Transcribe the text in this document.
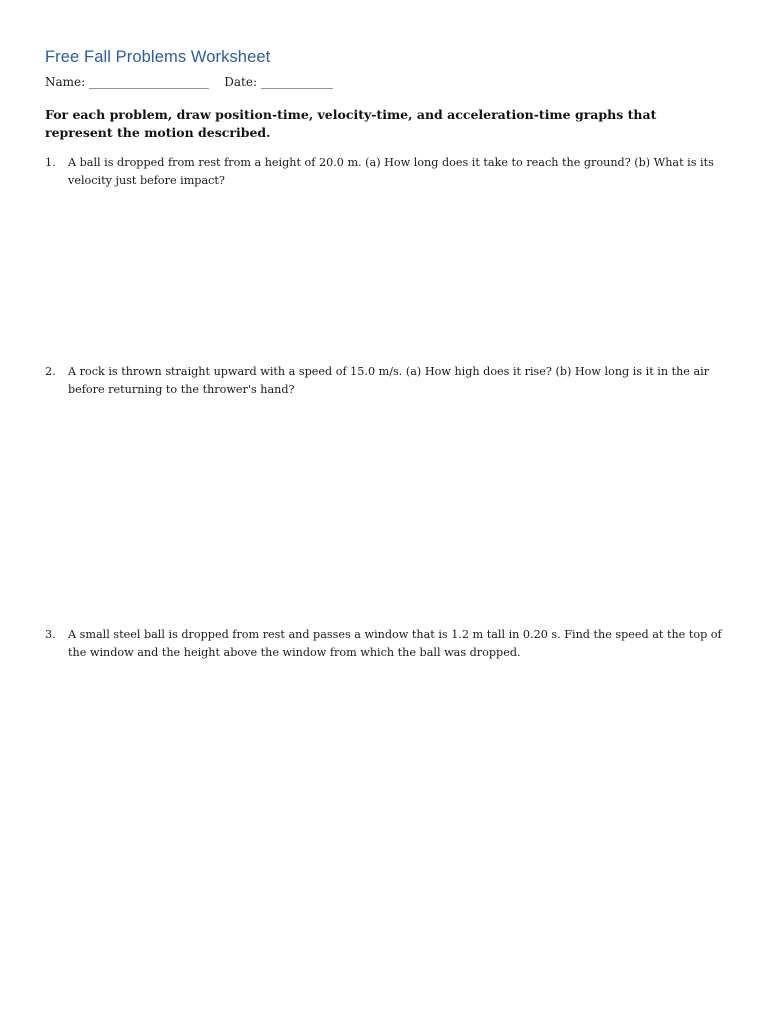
Free Fall Problems Worksheet
Name: ____________________ Date: ____________
For each problem, draw position-time, velocity-time, and acceleration-time graphs that represent the motion described.
1.	A ball is dropped from rest from a height of 20.0 m. (a) How long does it take to reach the ground? (b) What is its velocity just before impact?
2.	A rock is thrown straight upward with a speed of 15.0 m/s. (a) How high does it rise? (b) How long is it in the air before returning to the thrower's hand?
3.	A small steel ball is dropped from rest and passes a window that is 1.2 m tall in 0.20 s. Find the speed at the top of the window and the height above the window from which the ball was dropped.
